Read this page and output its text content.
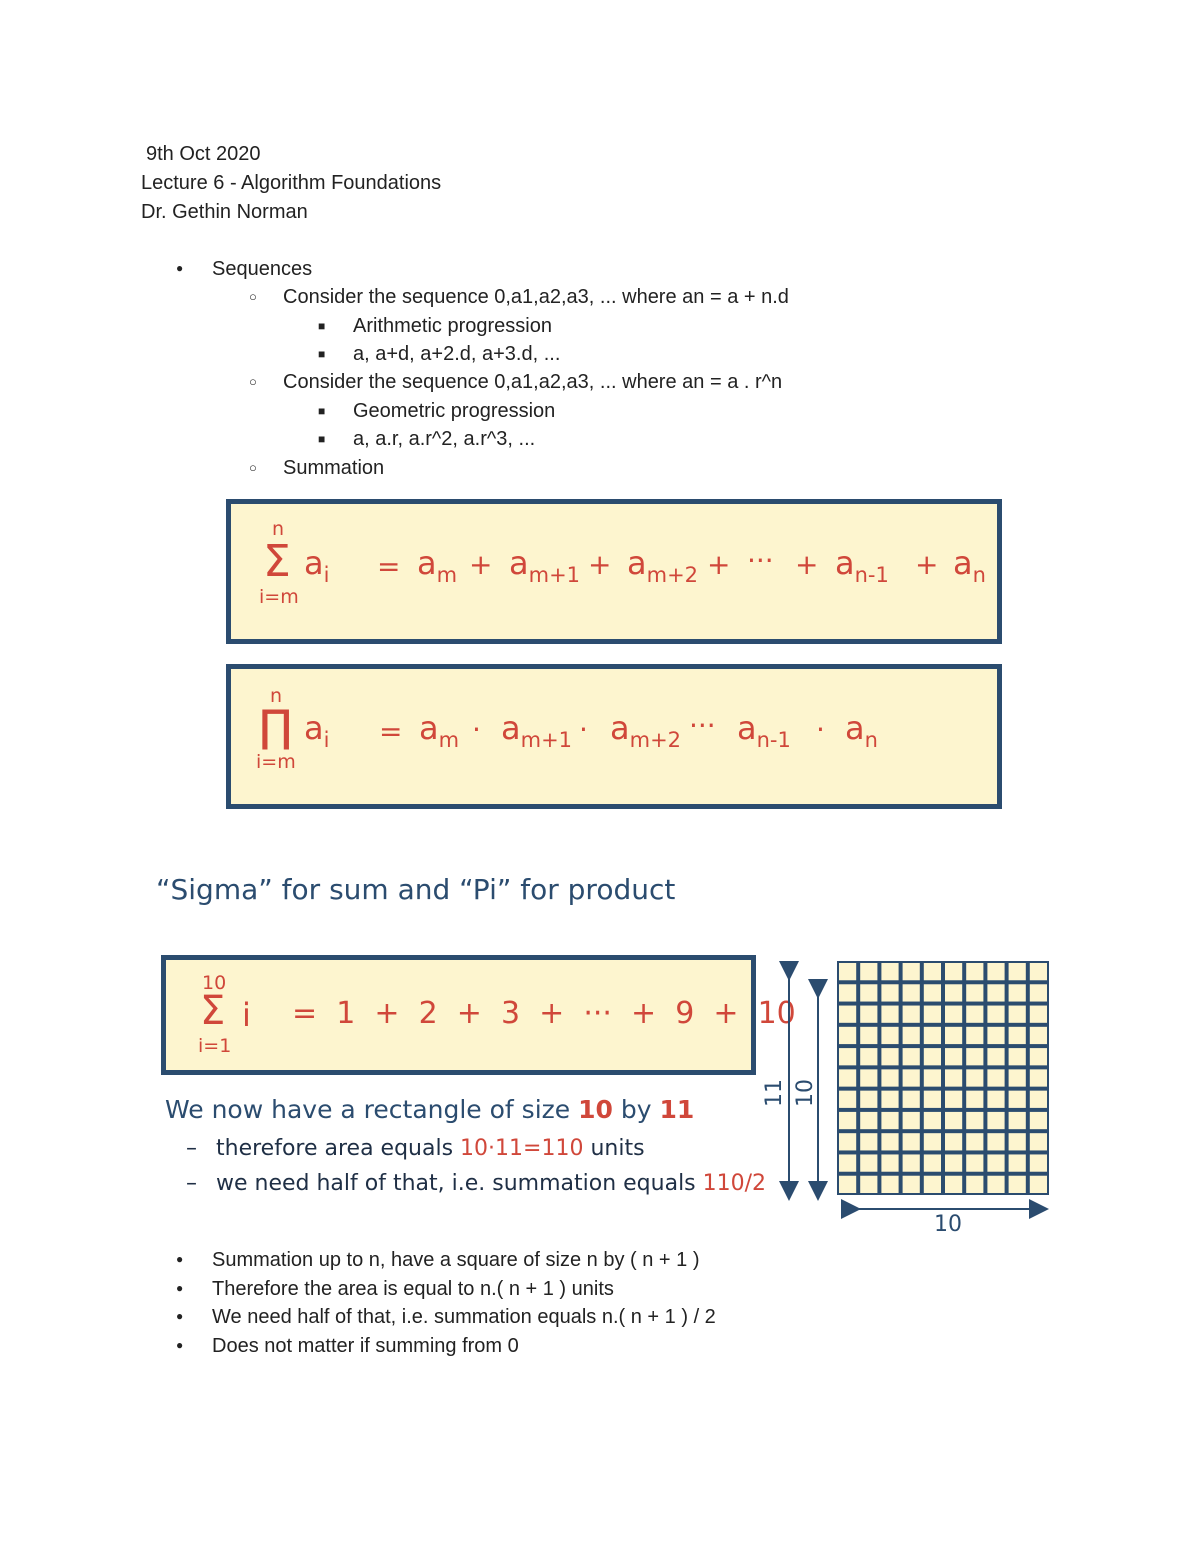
9th Oct 2020
Lecture 6 - Algorithm Foundations
Dr. Gethin Norman
● Sequences
○ Consider the sequence 0,a1,a2,a3, ... where an = a + n.d
■ Arithmetic progression
■ a, a+d, a+2.d, a+3.d, ...
○ Consider the sequence 0,a1,a2,a3, ... where an = a . r^n
■ Geometric progression
■ a, a.r, a.r^2, a.r^3, ...
○ Summation
n
Σ
i=m
$a_i = a_m + a_{m+1} + a_{m+2}$ + ··· + $a_{n-1} + a_n$
n
∏
i=m
$a_i = a_m \cdot a_{m+1} \cdot a_{m+2}$ ··· $a_{n-1} \cdot a_n$
“Sigma” for sum and “Pi” for product
10
Σ
i=1
i =  1  +  2  +  3  +  ···  +  9  +  10
We now have a rectangle of size 10 by 11
– therefore area equals 10·11=110 units
– we need half of that, i.e. summation equals 110/2
11 10
10
● Summation up to n, have a square of size n by ( n + 1 )
● Therefore the area is equal to n.( n + 1 ) units
● We need half of that, i.e. summation equals n.( n + 1 ) / 2
● Does not matter if summing from 0
